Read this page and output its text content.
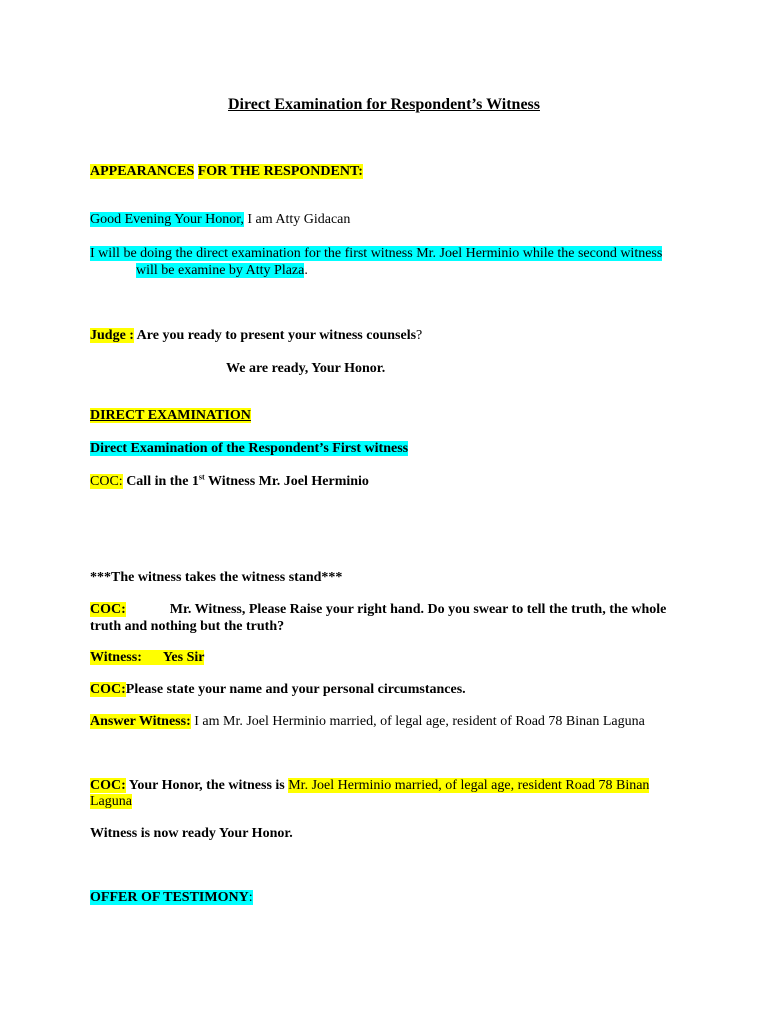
Direct Examination for Respondent’s Witness
APPEARANCES FOR THE RESPONDENT:
Good Evening Your Honor, I am Atty Gidacan
I will be doing the direct examination for the first witness Mr. Joel Herminio while the second witness
will be examine by Atty Plaza.
Judge : Are you ready to present your witness counsels?
We are ready, Your Honor.
DIRECT EXAMINATION
Direct Examination of the Respondent’s First witness
COC: Call in the 1st Witness Mr. Joel Herminio
***The witness takes the witness stand***
COC:	Mr. Witness, Please Raise your right hand. Do you swear to tell the truth, the whole
truth and nothing but the truth?
Witness: Yes Sir
COC:Please state your name and your personal circumstances.
Answer Witness: I am Mr. Joel Herminio married, of legal age, resident of Road 78 Binan Laguna
COC: Your Honor, the witness is Mr. Joel Herminio married, of legal age, resident Road 78 Binan
Laguna
Witness is now ready Your Honor.
OFFER OF TESTIMONY:
